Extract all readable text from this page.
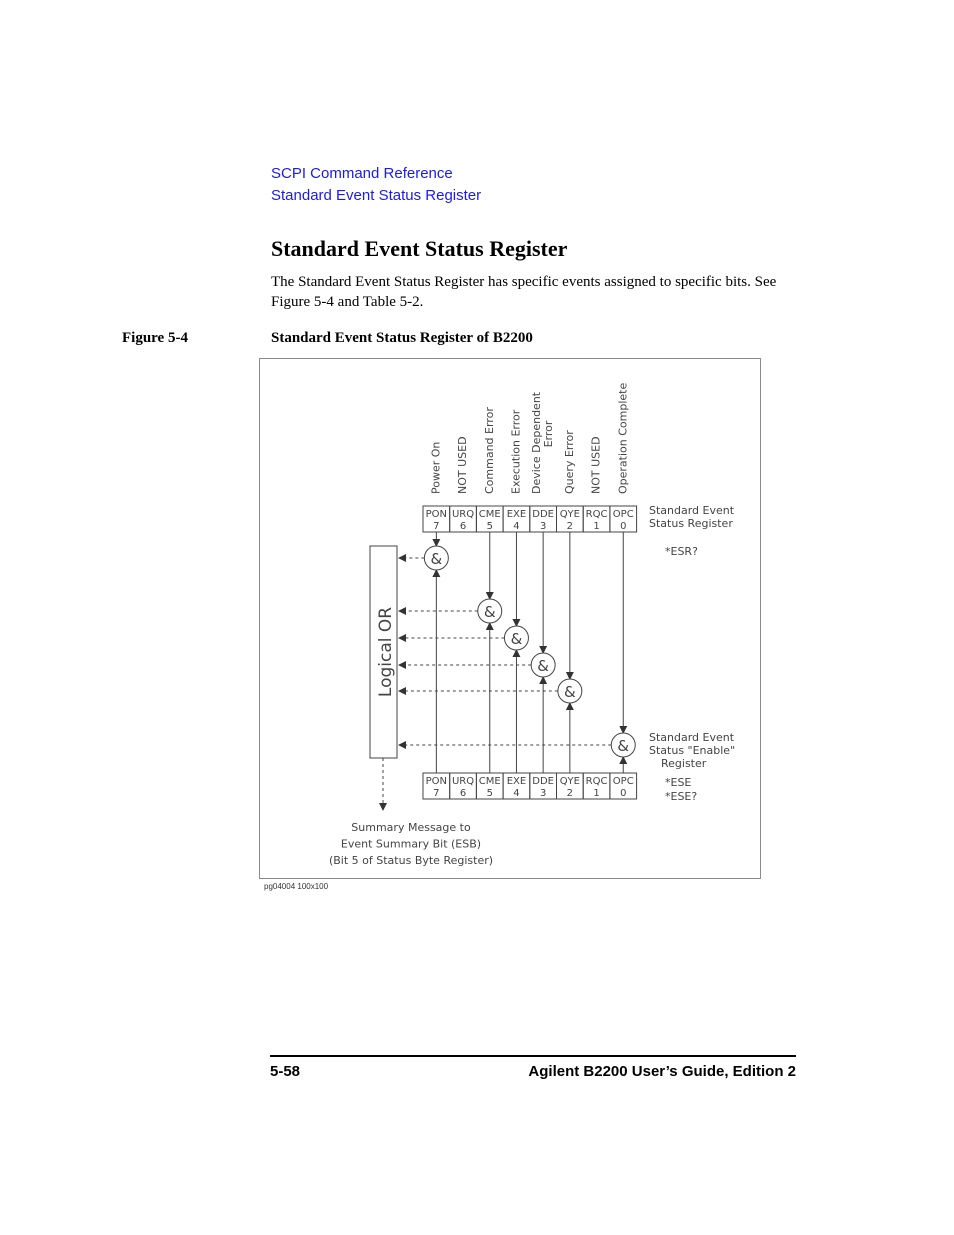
SCPI Command Reference
Standard Event Status Register
Standard Event Status Register

The Standard Event Status Register has specific events assigned to specific bits. See Figure 5-4 and Table 5-2.

Figure 5-4	Standard Event Status Register of B2200
PON
7
URQ
6
CME
5
EXE
4
DDE
3
QYE
2
RQC
1
OPC
0
PON
7
URQ
6
CME
5
EXE
4
DDE
3
QYE
2
RQC
1
OPC
0
Power On NOT USED Command Error Execution Error Device Dependent Error Query Error NOT USED Operation Complete
Logical OR
&
&
&
&
&
&
Standard Event
Status Register
*ESR?
Standard Event
Status "Enable"
Register
*ESE
*ESE?
Summary Message to
Event Summary Bit (ESB)
(Bit 5 of Status Byte Register)
pg04004 100x100
5-58	Agilent B2200 User’s Guide, Edition 2
